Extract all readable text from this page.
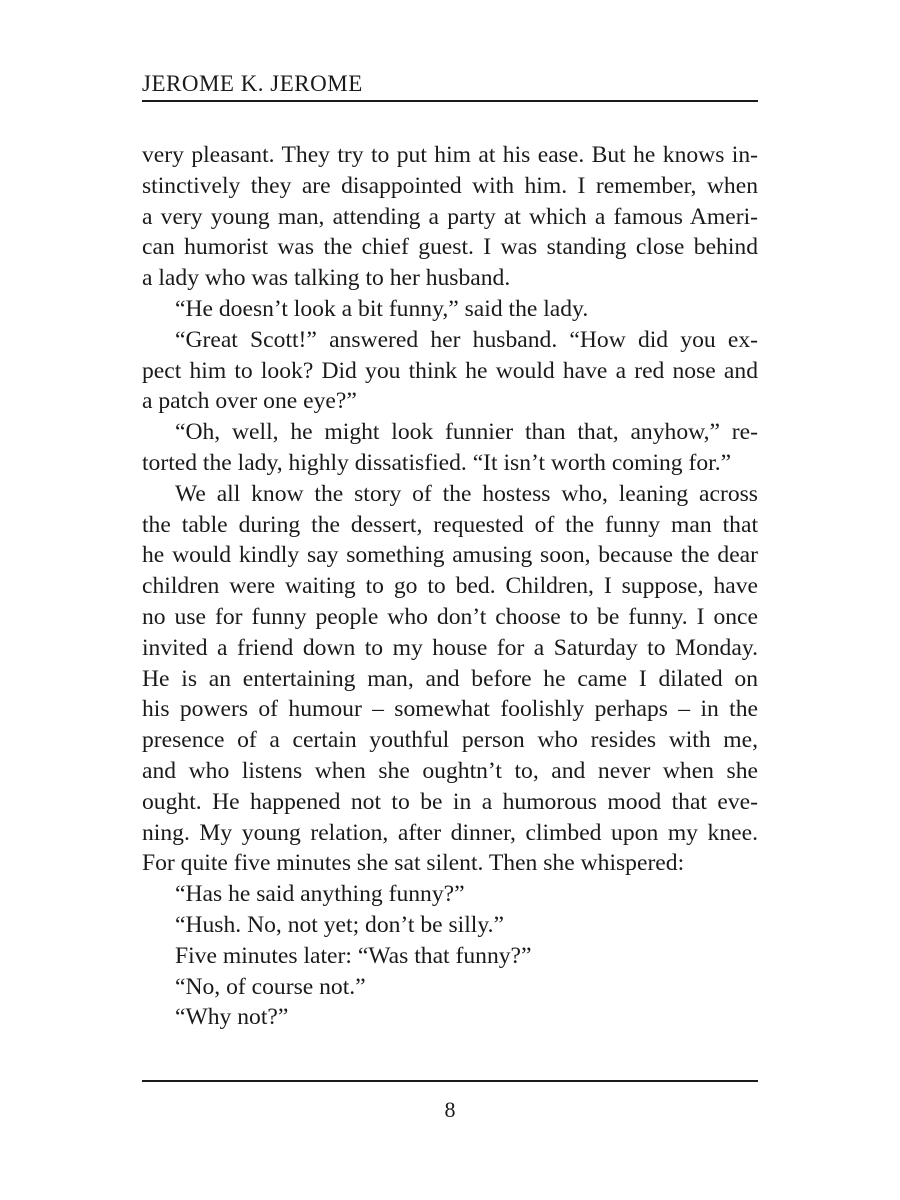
JEROME K. JEROME
very pleasant. They try to put him at his ease. But he knows in-
stinctively they are disappointed with him. I remember, when
a very young man, attending a party at which a famous Ameri-
can humorist was the chief guest. I was standing close behind
a lady who was talking to her husband.
“He doesn’t look a bit funny,” said the lady.
“Great Scott!” answered her husband. “How did you ex-
pect him to look? Did you think he would have a red nose and
a patch over one eye?”
“Oh, well, he might look funnier than that, anyhow,” re-
torted the lady, highly dissatisfied. “It isn’t worth coming for.”
We all know the story of the hostess who, leaning across
the table during the dessert, requested of the funny man that
he would kindly say something amusing soon, because the dear
children were waiting to go to bed. Children, I suppose, have
no use for funny people who don’t choose to be funny. I once
invited a friend down to my house for a Saturday to Monday.
He is an entertaining man, and before he came I dilated on
his powers of humour – somewhat foolishly perhaps – in the
presence of a certain youthful person who resides with me,
and who listens when she oughtn’t to, and never when she
ought. He happened not to be in a humorous mood that eve-
ning. My young relation, after dinner, climbed upon my knee.
For quite five minutes she sat silent. Then she whispered:
“Has he said anything funny?”
“Hush. No, not yet; don’t be silly.”
Five minutes later: “Was that funny?”
“No, of course not.”
“Why not?”
8
